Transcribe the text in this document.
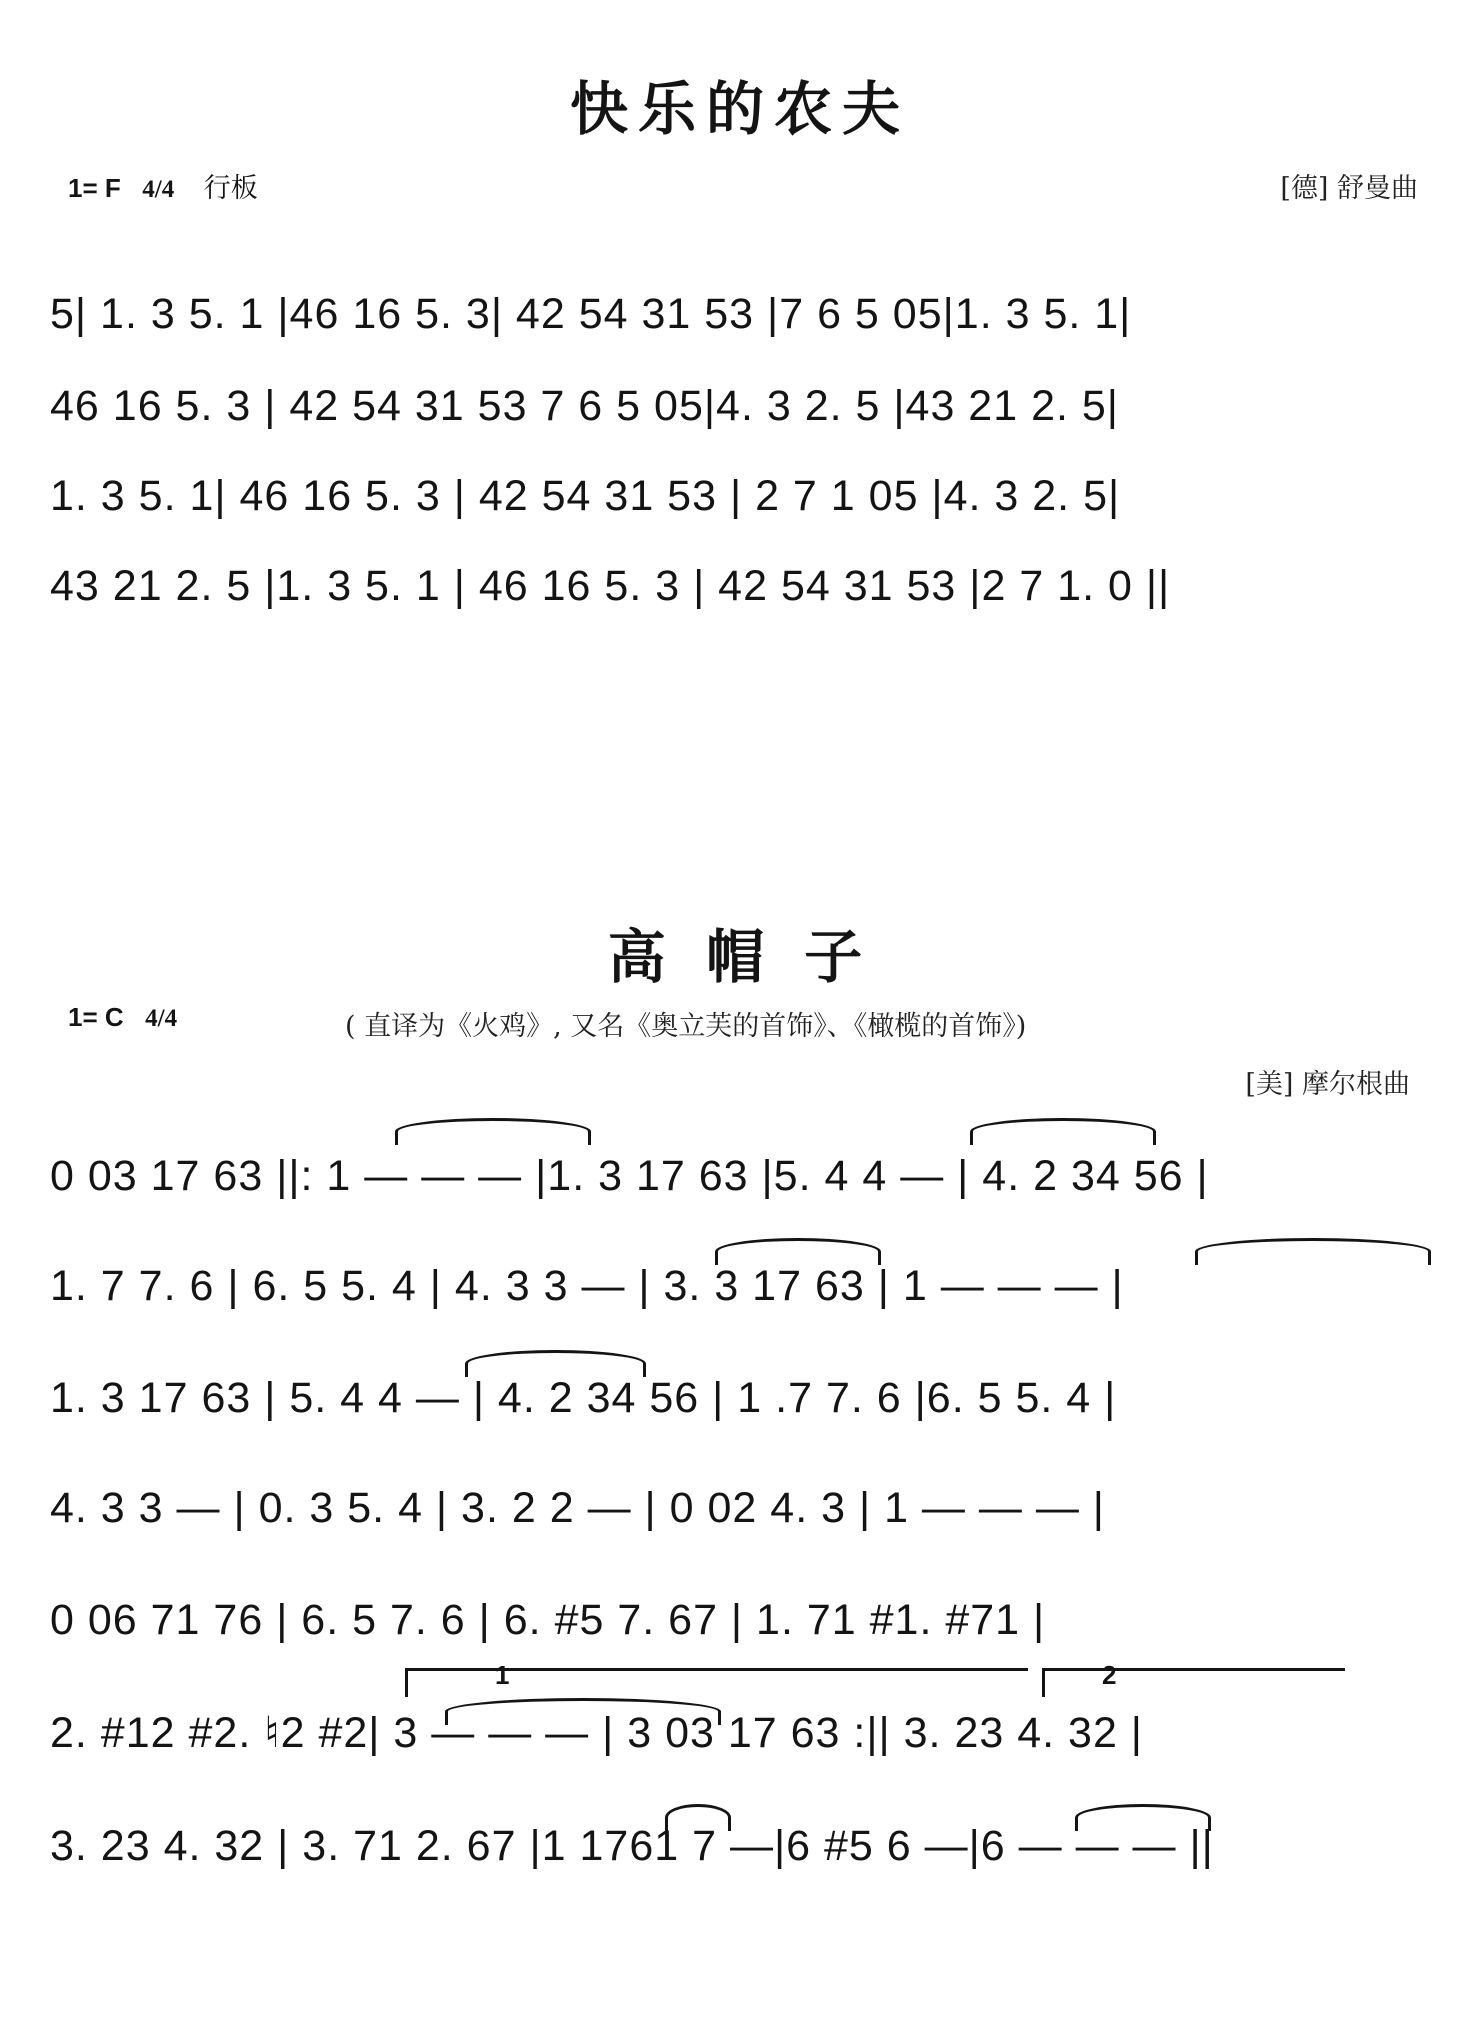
快乐的农夫
1= F 4/4 行板	[德] 舒曼曲
5| 1. 3 5. 1 |46 16 5. 3| 42 54 31 53 |7 6 5 05|1. 3 5. 1|
46 16 5. 3 | 42 54 31 53 7 6 5 05|4. 3 2. 5 |43 21 2. 5|
1. 3 5. 1| 46 16 5. 3 | 42 54 31 53 | 2 7 1 05 |4. 3 2. 5|
43 21 2. 5 |1. 3 5. 1 | 46 16 5. 3 | 42 54 31 53 |2 7 1. 0 ||
高 帽 子
1= C 4/4	( 直译为《火鸡》, 又名《奥立芙的首饰》、《橄榄的首饰》)
[美] 摩尔根曲
0 03 17 63 ||: 1 — — — |1. 3 17 63 |5. 4 4 — | 4. 2 34 56 |
1. 7 7. 6 | 6. 5 5. 4 | 4. 3 3 — | 3. 3 17 63 | 1 — — — |
1. 3 17 63 | 5. 4 4 — | 4. 2 34 56 | 1 .7 7. 6 |6. 5 5. 4 |
4. 3 3 — | 0. 3 5. 4 | 3. 2 2 — | 0 02 4. 3 | 1 — — — |
0 06 71 76 | 6. 5 7. 6 | 6. #5 7. 67 | 1. 71 #1. #71 |
1	2
2. #12 #2. ♮2 #2| 3 — — — | 3 03 17 63 :|| 3. 23 4. 32 |
3. 23 4. 32 | 3. 71 2. 67 |1 1761 7 —|6 #5 6 —|6 — — — ||
